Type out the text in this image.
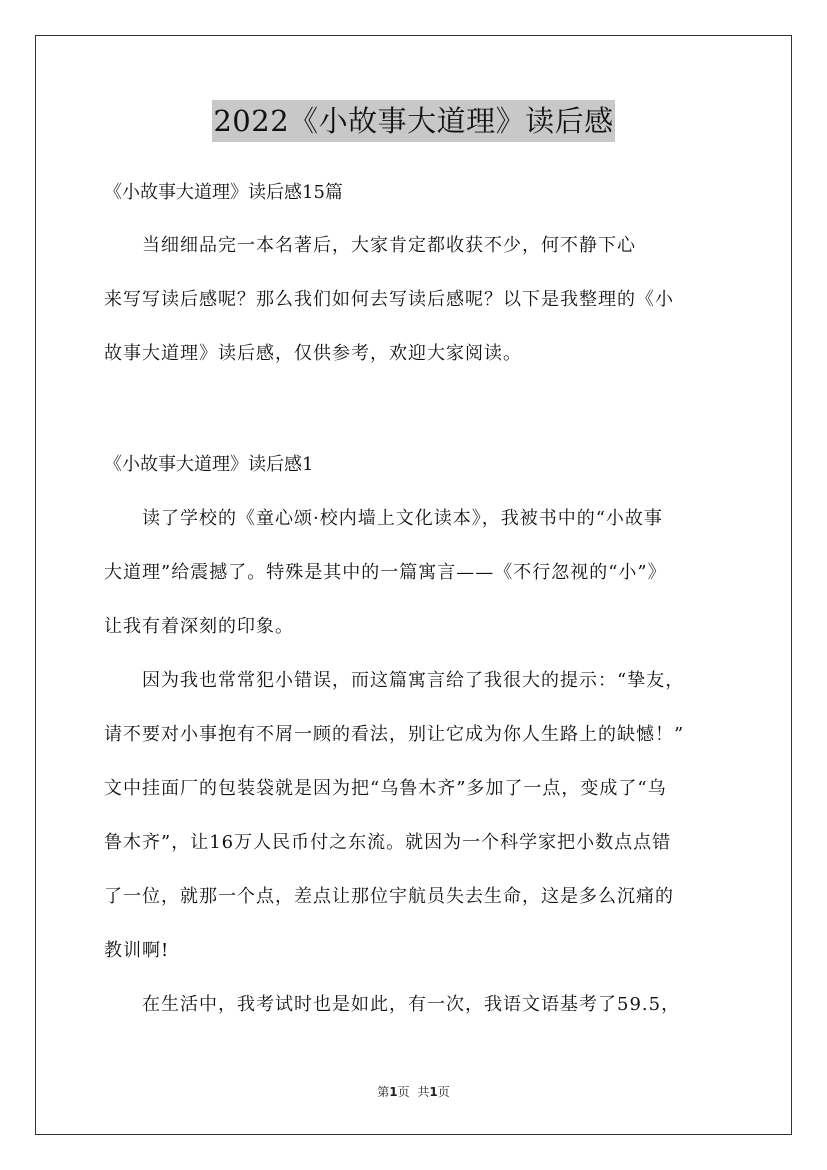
2022《小故事大道理》读后感
《小故事大道理》读后感15篇

　　当细细品完一本名著后，大家肯定都收获不少，何不静下心
来写写读后感呢？那么我们如何去写读后感呢？以下是我整理的《小
故事大道理》读后感，仅供参考，欢迎大家阅读。

《小故事大道理》读后感1

　　读了学校的《童心颂·校内墙上文化读本》，我被书中的“小故事
大道理”给震撼了。特殊是其中的一篇寓言——《不行忽视的“小”》
让我有着深刻的印象。

　　因为我也常常犯小错误，而这篇寓言给了我很大的提示：“挚友，
请不要对小事抱有不屑一顾的看法，别让它成为你人生路上的缺憾！”
文中挂面厂的包装袋就是因为把“乌鲁木齐”多加了一点，变成了“乌
鲁木齐”，让16万人民币付之东流。就因为一个科学家把小数点点错
了一位，就那一个点，差点让那位宇航员失去生命，这是多么沉痛的
教训啊!

　　在生活中，我考试时也是如此，有一次，我语文语基考了59.5，

第1页 共1页
